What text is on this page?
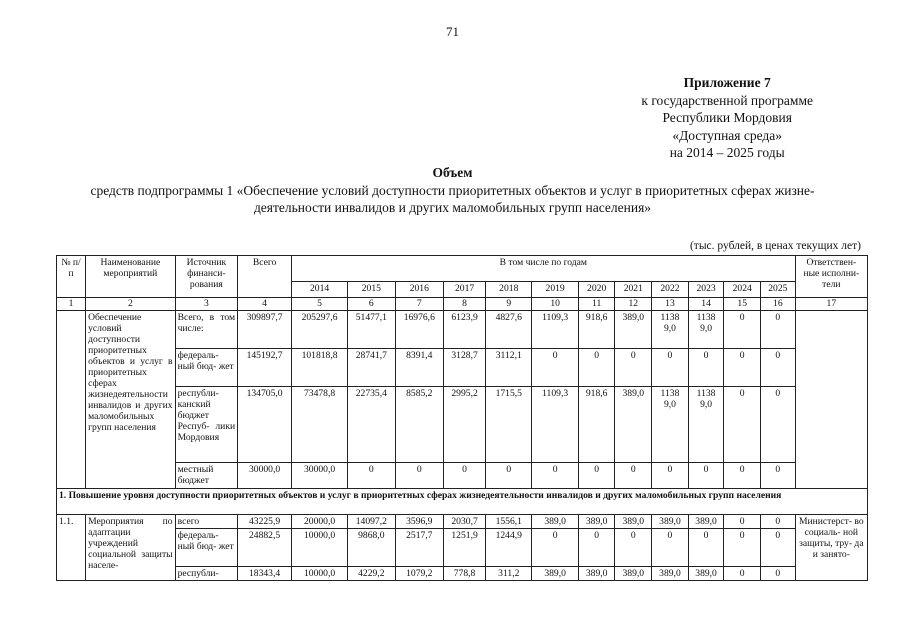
71
Приложение 7
к государственной программе
Республики Мордовия
«Доступная среда»
на 2014 – 2025 годы
Объем
средств подпрограммы 1 «Обеспечение условий доступности приоритетных объектов и услуг в приоритетных сферах жизне-
деятельности инвалидов и других маломобильных групп населения»
(тыс. рублей, в ценах текущих лет)
№ п/п	Наименование мероприятий	Источник финанси- рования	Всего	В том числе по годам												Ответствен- ные исполни- тели
				2014	2015	2016	2017	2018	2019	2020	2021	2022	2023	2024	2025	
1	2	3	4	5	6	7	8	9	10	11	12	13	14	15	16	17
	Обеспечение условий доступности приоритетных объектов и услуг в приоритетных сферах жизнедеятельности инвалидов и других маломобильных групп населения	Всего, в том числе:	309897,7	205297,6	51477,1	16976,6	6123,9	4827,6	1109,3	918,6	389,0	1138 9,0	1138 9,0	0	0	
		федераль- ный бюд- жет	145192,7	101818,8	28741,7	8391,4	3128,7	3112,1	0	0	0	0	0	0	0	
		республи- канский бюджет Респуб- лики Мордовия	134705,0	73478,8	22735,4	8585,2	2995,2	1715,5	1109,3	918,6	389,0	1138 9,0	1138 9,0	0	0	
		местный бюджет	30000,0	30000,0	0	0	0	0	0	0	0	0	0	0	0	
1. Повышение уровня доступности приоритетных объектов и услуг в приоритетных сферах жизнедеятельности инвалидов и других маломобильных групп населения																
1.1.	Мероприятия по адаптации учреждений социальной защиты населе-	всего	43225,9	20000,0	14097,2	3596,9	2030,7	1556,1	389,0	389,0	389,0	389,0	389,0	0	0	Министерст- во социаль- ной защиты, тру- да и занято-
		федераль- ный бюд- жет	24882,5	10000,0	9868,0	2517,7	1251,9	1244,9	0	0	0	0	0	0	0	
		республи-	18343,4	10000,0	4229,2	1079,2	778,8	311,2	389,0	389,0	389,0	389,0	389,0	0	0	
